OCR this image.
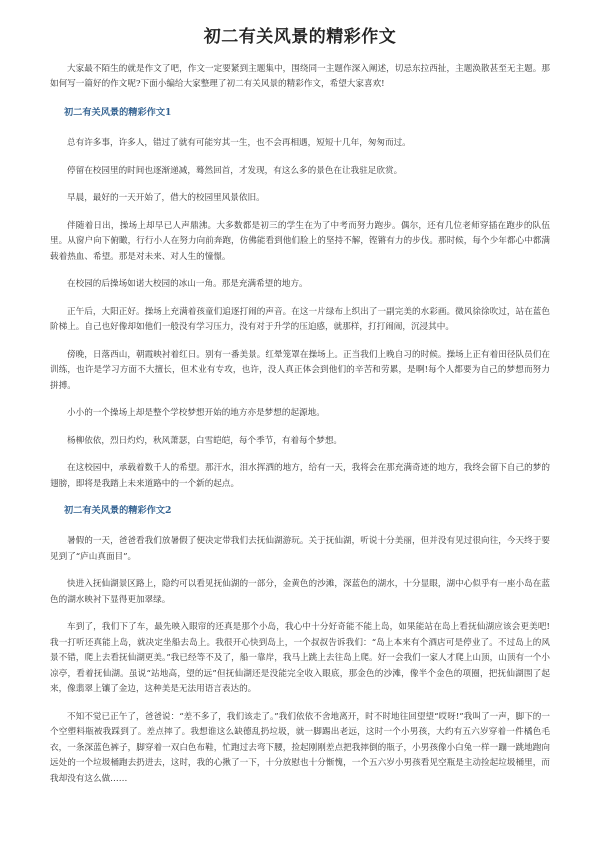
初二有关风景的精彩作文

大家最不陌生的就是作文了吧，作文一定要紧到主题集中，围绕同一主题作深入阐述，切忌东拉西扯，主题涣散甚至无主题。那如何写一篇好的作文呢?下面小编给大家整理了初二有关风景的精彩作文，希望大家喜欢!

初二有关风景的精彩作文1

总有许多事，许多人，错过了就有可能穷其一生，也不会再相遇，短短十几年，匆匆而过。

停留在校园里的时间也逐渐递减，蓦然回首，才发现，有这么多的景色在让我驻足欣赏。

早晨，最好的一天开始了，借大的校园里风景依旧。

伴随着日出，操场上却早已人声鼎沸。大多数都是初三的学生在为了中考而努力跑步。偶尔，还有几位老师穿插在跑步的队伍里。从窗户向下俯瞰，行行小人在努力向前奔跑，仿佛能看到他们脸上的坚持不解，铿锵有力的步伐。那时候，每个少年都心中都满载着热血、希望。那是对未来、对人生的憧憬。

在校园的后操场如诺大校园的冰山一角。那是充满希望的地方。

正午后，大阳正好。操场上充满着孩童们追逐打闹的声音。在这一片绿布上织出了一副完美的水彩画。微风徐徐吹过，站在蓝色阶梯上。自己也好像却如他们一般没有学习压力，没有对于升学的压迫感，就那样，打打闹闹，沉浸其中。

傍晚，日落西山，朝霞映衬着红日。别有一番美景。红晕笼罩在操场上。正当我们上晚自习的时候。操场上正有着田径队员们在训练，也许是学习方面不大擅长，但术业有专攻，也许，没人真正体会到他们的辛苦和劳累，是啊!每个人都要为自己的梦想而努力拼搏。

小小的一个操场上却是整个学校梦想开始的地方亦是梦想的起源地。

杨柳依依，烈日灼灼，秋风萧瑟，白雪皑皑，每个季节，有着每个梦想。

在这校园中，承载着数千人的希望。那汗水，泪水挥洒的地方，给有一天，我将会在那充满奇迹的地方，我终会留下自己的梦的翅膀，即将是我踏上未来道路中的一个新的起点。

初二有关风景的精彩作文2

暑假的一天，爸爸看我们放暑假了便决定带我们去抚仙湖游玩。关于抚仙湖，听说十分美丽，但并没有见过很向往，今天终于要见到了“庐山真面目”。

快进入抚仙湖景区路上，隐约可以看见抚仙湖的一部分，金黄色的沙滩，深蓝色的湖水，十分显眼，湖中心似乎有一座小岛在蓝色的湖水映衬下显得更加翠绿。

车到了，我们下了车，最先映入眼帘的还真是那个小岛，我心中十分好奇能不能上岛，如果能站在岛上看抚仙湖应该会更美吧!我一打听还真能上岛，就决定坐船去岛上。我很开心快到岛上，一个叔叔告诉我们：“岛上本来有个酒店可是停业了。不过岛上的风景不错，爬上去看抚仙湖更美。”我已经等不及了，船一靠岸，我马上跳上去往岛上爬。好一会我们一家人才爬上山顶，山顶有一个小凉亭，看着抚仙湖。虽说“站地高，望的远”但抚仙湖还是没能完全收入眼底，那金色的沙滩，像半个金色的项圈，把抚仙湖围了起来，像翡翠上镶了金边，这种美是无法用语言表达的。

不知不觉已正午了，爸爸说：“差不多了，我们该走了。”我们依依不舍地离开，时不时地往回望望“哎呀!”我叫了一声，脚下的一个空塑料瓶被我踩到了。差点摔了。我想谁这么缺德乱扔垃圾，就一脚踢出老远，这时一个小男孩，大约有五六岁穿着一件橘色毛衣，一条深蓝色裤子，脚穿着一双白色布鞋，忙跑过去弯下腰，捡起刚刚差点把我摔倒的瓶子，小男孩像小白兔一样一蹦一跳地跑向远处的一个垃圾桶跑去扔进去，这时，我的心揪了一下，十分放慰也十分惭愧，一个五六岁小男孩看见空瓶是主动捡起垃圾桶里，而我却没有这么做……
